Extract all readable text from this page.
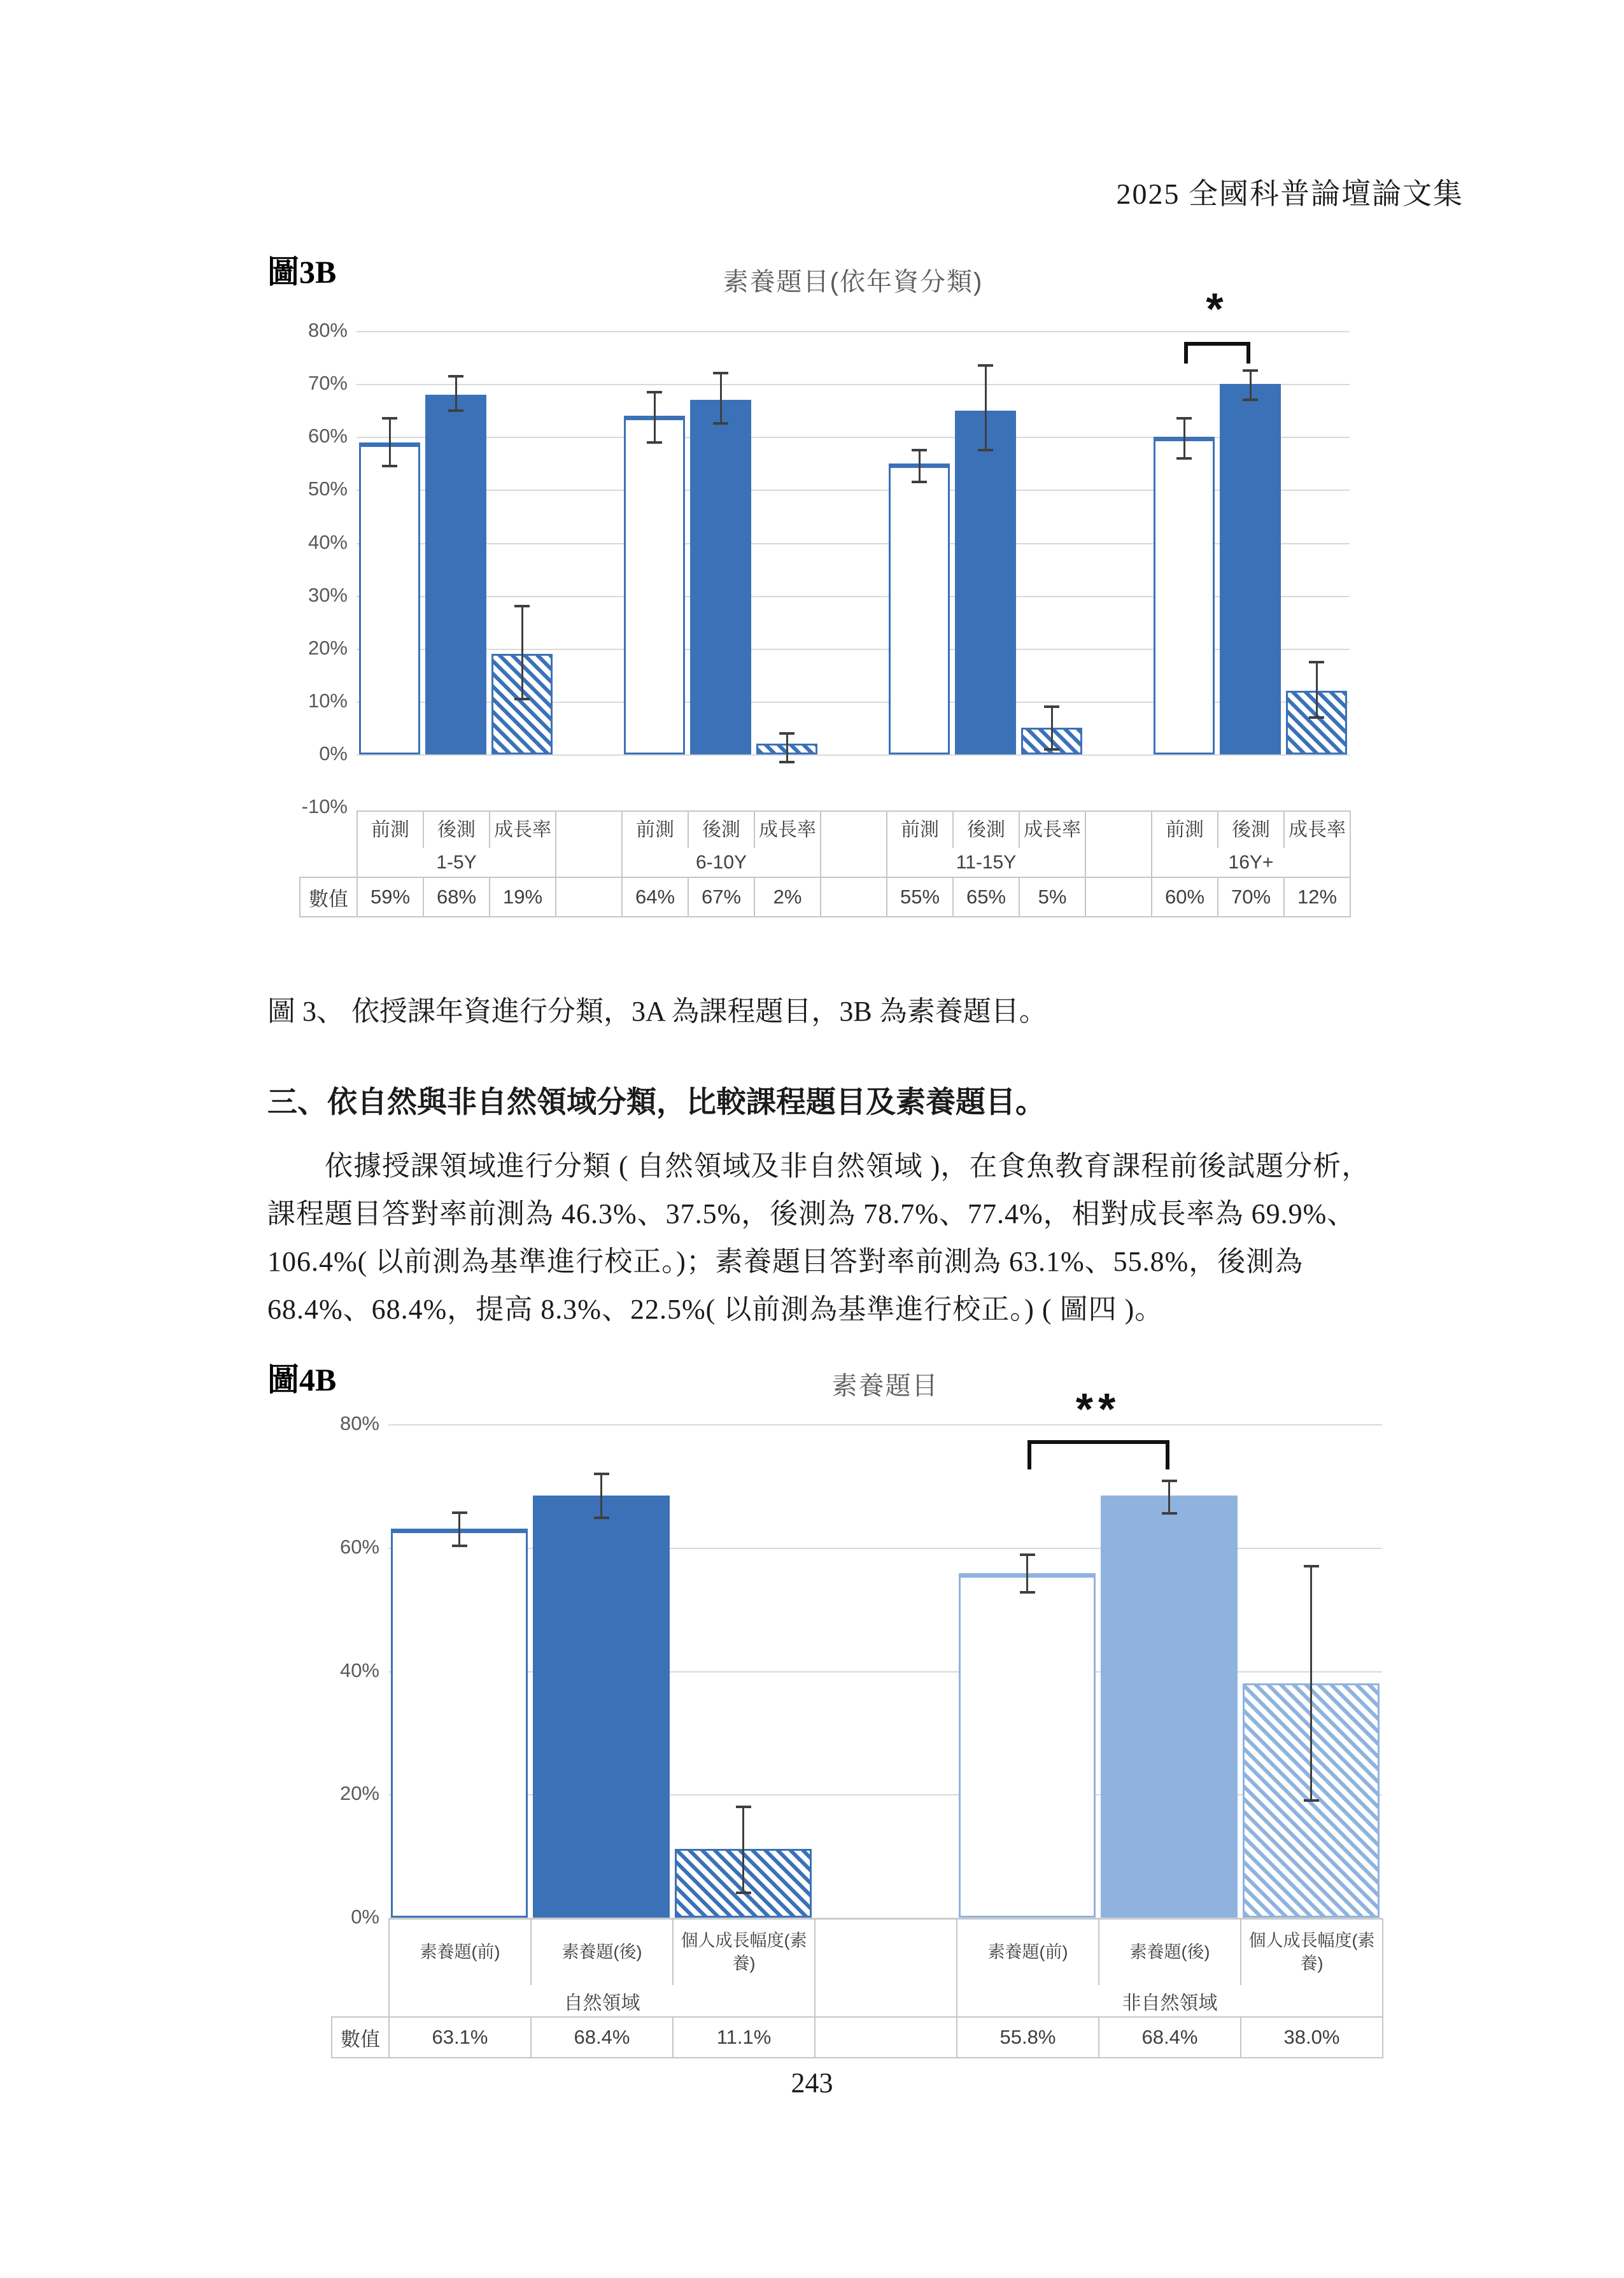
2025 全國科普論壇論文集
圖3B	素養題目(依年資分類)
80%
70%
60%
50%
40%
30%
20%
10%
0%
-10%
*
	前測	後測	成長率		前測	後測	成長率		前測	後測	成長率		前測	後測	成長率
	1-5Y				6-10Y				11-15Y				16Y+		
數值	59%	68%	19%		64%	67%	2%		55%	65%	5%		60%	70%	12%
圖 3、 依授課年資進行分類，3A 為課程題目，3B 為素養題目。
三、依自然與非自然領域分類，比較課程題目及素養題目。
依據授課領域進行分類 ( 自然領域及非自然領域 )，在食魚教育課程前後試題分析，
課程題目答對率前測為 46.3%、37.5%，後測為 78.7%、77.4%，相對成長率為 69.9%、
106.4%( 以前測為基準進行校正。)；素養題目答對率前測為 63.1%、55.8%，後測為
68.4%、68.4%，提高 8.3%、22.5%( 以前測為基準進行校正。) ( 圖四 )。
圖4B	素養題目
80%
60%
40%
20%
0%
**
	素養題(前)	素養題(後)	個人成長幅度(素養)		素養題(前)	素養題(後)	個人成長幅度(素養)
	自然領域				非自然領域		
數值	63.1%	68.4%	11.1%		55.8%	68.4%	38.0%
243
